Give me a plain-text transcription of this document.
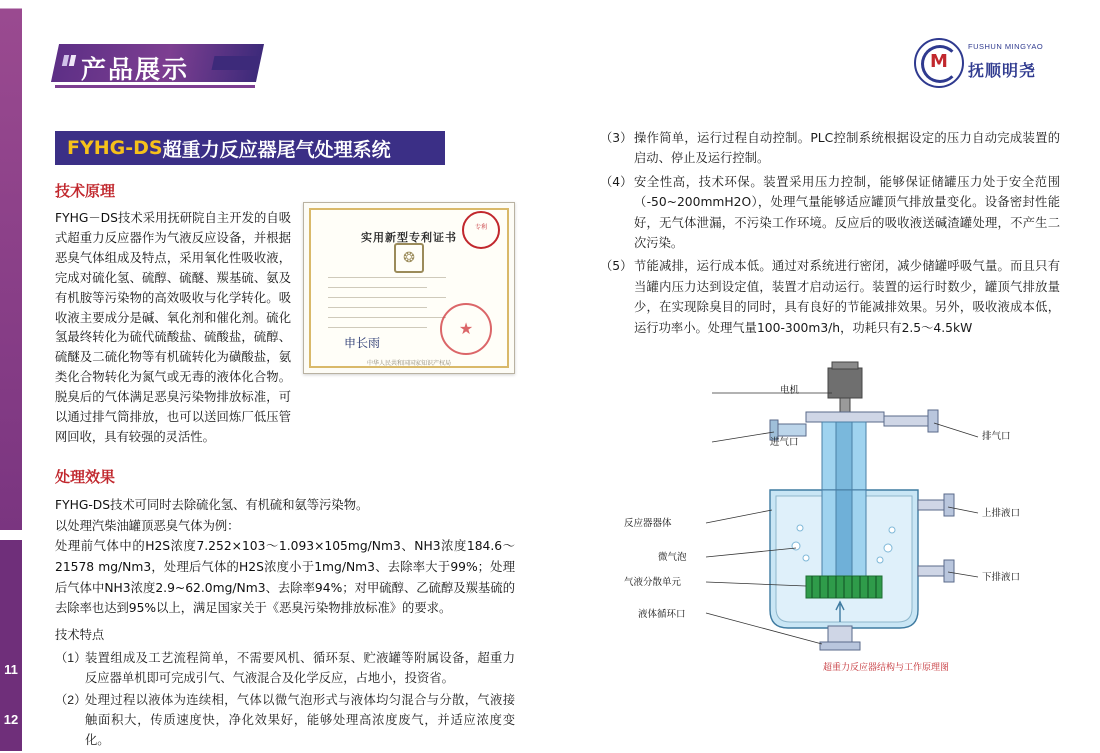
11
12
产品展示	M
FUSHUN MINGYAO
抚顺明尧
FYHG-DS 超重力反应器尾气处理系统
技术原理
FYHG－DS技术采用抚研院自主开发的自吸式超重力反应器作为气液反应设备，并根据恶臭气体组成及特点，采用氧化性吸收液，完成对硫化氢、硫醇、硫醚、羰基硫、氨及有机胺等污染物的高效吸收与化学转化。吸收液主要成分是碱、氧化剂和催化剂。硫化氢最终转化为硫代硫酸盐、硫酸盐，硫醇、硫醚及二硫化物等有机硫转化为磺酸盐，氨类化合物转化为氮气或无毒的液体化合物。脱臭后的气体满足恶臭污染物排放标准，可以通过排气筒排放，也可以送回炼厂低压管网回收，具有较强的灵活性。
专利
实用新型专利证书
❂
申长雨
★
中华人民共和国国家知识产权局
处理效果
FYHG-DS技术可同时去除硫化氢、有机硫和氨等污染物。
以处理汽柴油罐顶恶臭气体为例：
处理前气体中的H2S浓度7.252×103～1.093×105mg/Nm3、NH3浓度184.6～21578 mg/Nm3，处理后气体的H2S浓度小于1mg/Nm3、去除率大于99%；处理后气体中NH3浓度2.9~62.0mg/Nm3、去除率94%；对甲硫醇、乙硫醇及羰基硫的去除率也达到95%以上，满足国家关于《恶臭污染物排放标准》的要求。
技术特点
（1）
装置组成及工艺流程简单，不需要风机、循环泵、贮液罐等附属设备，超重力反应器单机即可完成引气、气液混合及化学反应，占地小，投资省。
（2）
处理过程以液体为连续相，气体以微气泡形式与液体均匀混合与分散，气液接触面积大，传质速度快，净化效果好，能够处理高浓度废气，并适应浓度变化。
（3） 操作简单，运行过程自动控制。PLC控制系统根据设定的压力自动完成装置的启动、停止及运行控制。
（4） 安全性高，技术环保。装置采用压力控制，能够保证储罐压力处于安全范围（-50~200mmH2O），处理气量能够适应罐顶气排放量变化。设备密封性能好，无气体泄漏，不污染工作环境。反应后的吸收液送碱渣罐处理，不产生二次污染。
（5） 节能减排，运行成本低。通过对系统进行密闭，减少储罐呼吸气量。而且只有当罐内压力达到设定值，装置才启动运行。装置的运行时数少，罐顶气排放量少，在实现除臭目的同时，具有良好的节能减排效果。另外，吸收液成本低，运行功率小。处理气量100-300m3/h，功耗只有2.5～4.5kW
电机
进气口
排气口
反应器器体
上排液口
微气泡
气液分散单元	下排液口
液体循环口
超重力反应器结构与工作原理图
